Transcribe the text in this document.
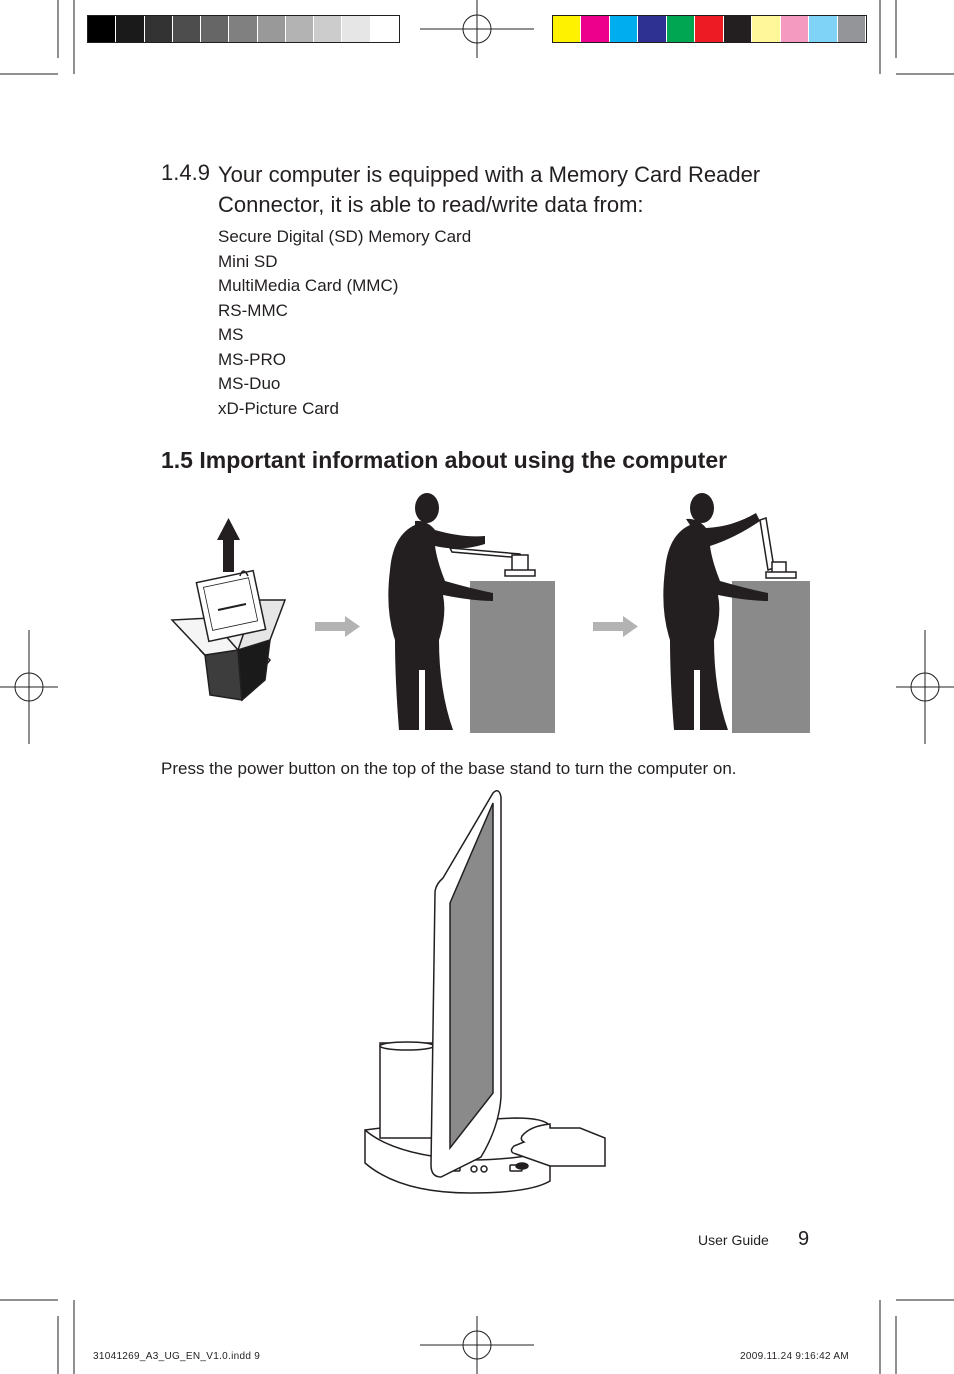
1.4.9 Your computer is equipped with a Memory Card Reader Connector, it is able to read/write data from:
Secure Digital (SD) Memory Card
Mini SD
MultiMedia Card (MMC)
RS-MMC
MS
MS-PRO
MS-Duo
xD-Picture Card
1.5 Important information about using the computer
Press the power button on the top of the base stand to turn the computer on.
User Guide 9
31041269_A3_UG_EN_V1.0.indd 9	2009.11.24 9:16:42 AM
